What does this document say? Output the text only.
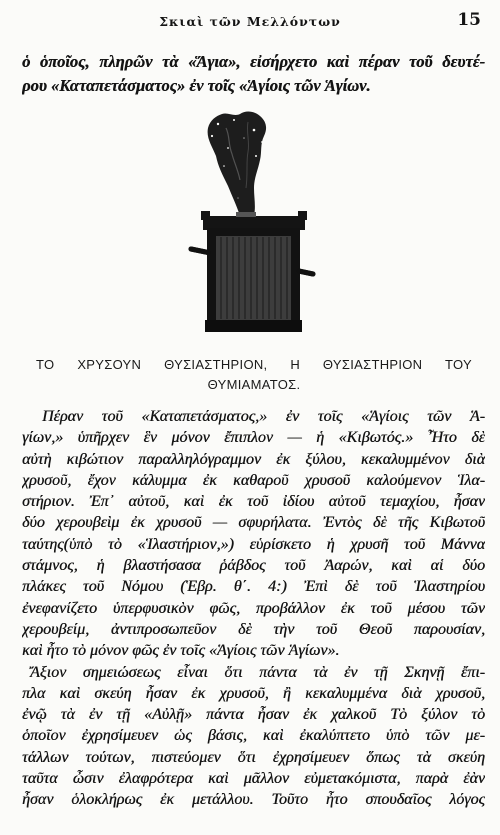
Σκιαὶ τῶν Μελλόντων	15
ὁ ὁποῖος, πληρῶν τὰ «Ἅγια», εἰσήρχετο καὶ πέραν τοῦ δευτέ-
ρου «Καταπετάσματος» ἐν τοῖς «Ἁγίοις τῶν Ἁγίων.
ΤΟ ΧΡΥΣΟΥΝ ΘΥΣΙΑΣΤΗΡΙΟΝ, Η ΘΥΣΙΑΣΤΗΡΙΟΝ ΤΟΥ
ΘΥΜΙΑΜΑΤΟΣ.
Πέραν τοῦ «Καταπετάσματος,» ἐν τοῖς «Ἁγίοις τῶν Ἁ-
γίων,» ὑπῆρχεν ἓν μόνον ἔπιπλον — ἡ «Κιβωτός.» Ἦτο δὲ
αὐτὴ κιβώτιον παραλληλόγραμμον ἐκ ξύλου, κεκαλυμμένον διὰ
χρυσοῦ, ἔχον κάλυμμα ἐκ καθαροῦ χρυσοῦ καλούμενον Ἱλα-
στήριον. Ἐπ᾿ αὐτοῦ, καὶ ἐκ τοῦ ἰδίου αὐτοῦ τεμαχίου, ἦσαν
δύο χερουβεὶμ ἐκ χρυσοῦ — σφυρήλατα. Ἐντὸς δὲ τῆς Κιβωτοῦ
ταύτης(ὑπὸ τὸ «Ἱλαστήριον,») εὑρίσκετο ἡ χρυσῆ τοῦ Μάννα
στάμνος, ἡ βλαστήσασα ῥάβδος τοῦ Ἀαρών, καὶ αἱ δύο
πλάκες τοῦ Νόμου (Ἑβρ. θ΄. 4:) Ἐπὶ δὲ τοῦ Ἱλαστηρίου
ἐνεφανίζετο ὑπερφυσικὸν φῶς, προβάλλον ἐκ τοῦ μέσου τῶν
χερουβείμ, ἀντιπροσωπεῦον δὲ τὴν τοῦ Θεοῦ παρουσίαν,
καὶ ἦτο τὸ μόνον φῶς ἐν τοῖς «Ἁγίοις τῶν Ἁγίων».
Ἄξιον σημειώσεως εἶναι ὅτι πάντα τὰ ἐν τῇ Σκηνῇ ἔπι-
πλα καὶ σκεύη ἦσαν ἐκ χρυσοῦ, ἢ κεκαλυμμένα διὰ χρυσοῦ,
ἐνῷ τὰ ἐν τῇ «Αὐλῇ» πάντα ἦσαν ἐκ χαλκοῦ Τὸ ξύλον τὸ
ὁποῖον ἐχρησίμευεν ὡς βάσις, καὶ ἐκαλύπτετο ὑπὸ τῶν με-
τάλλων τούτων, πιστεύομεν ὅτι ἐχρησίμευεν ὅπως τὰ σκεύη
ταῦτα ὦσιν ἐλαφρότερα καὶ μᾶλλον εὐμετακόμιστα, παρὰ ἐὰν
ἦσαν ὁλοκλήρως ἐκ μετάλλου. Τοῦτο ἦτο σπουδαῖος λόγος
